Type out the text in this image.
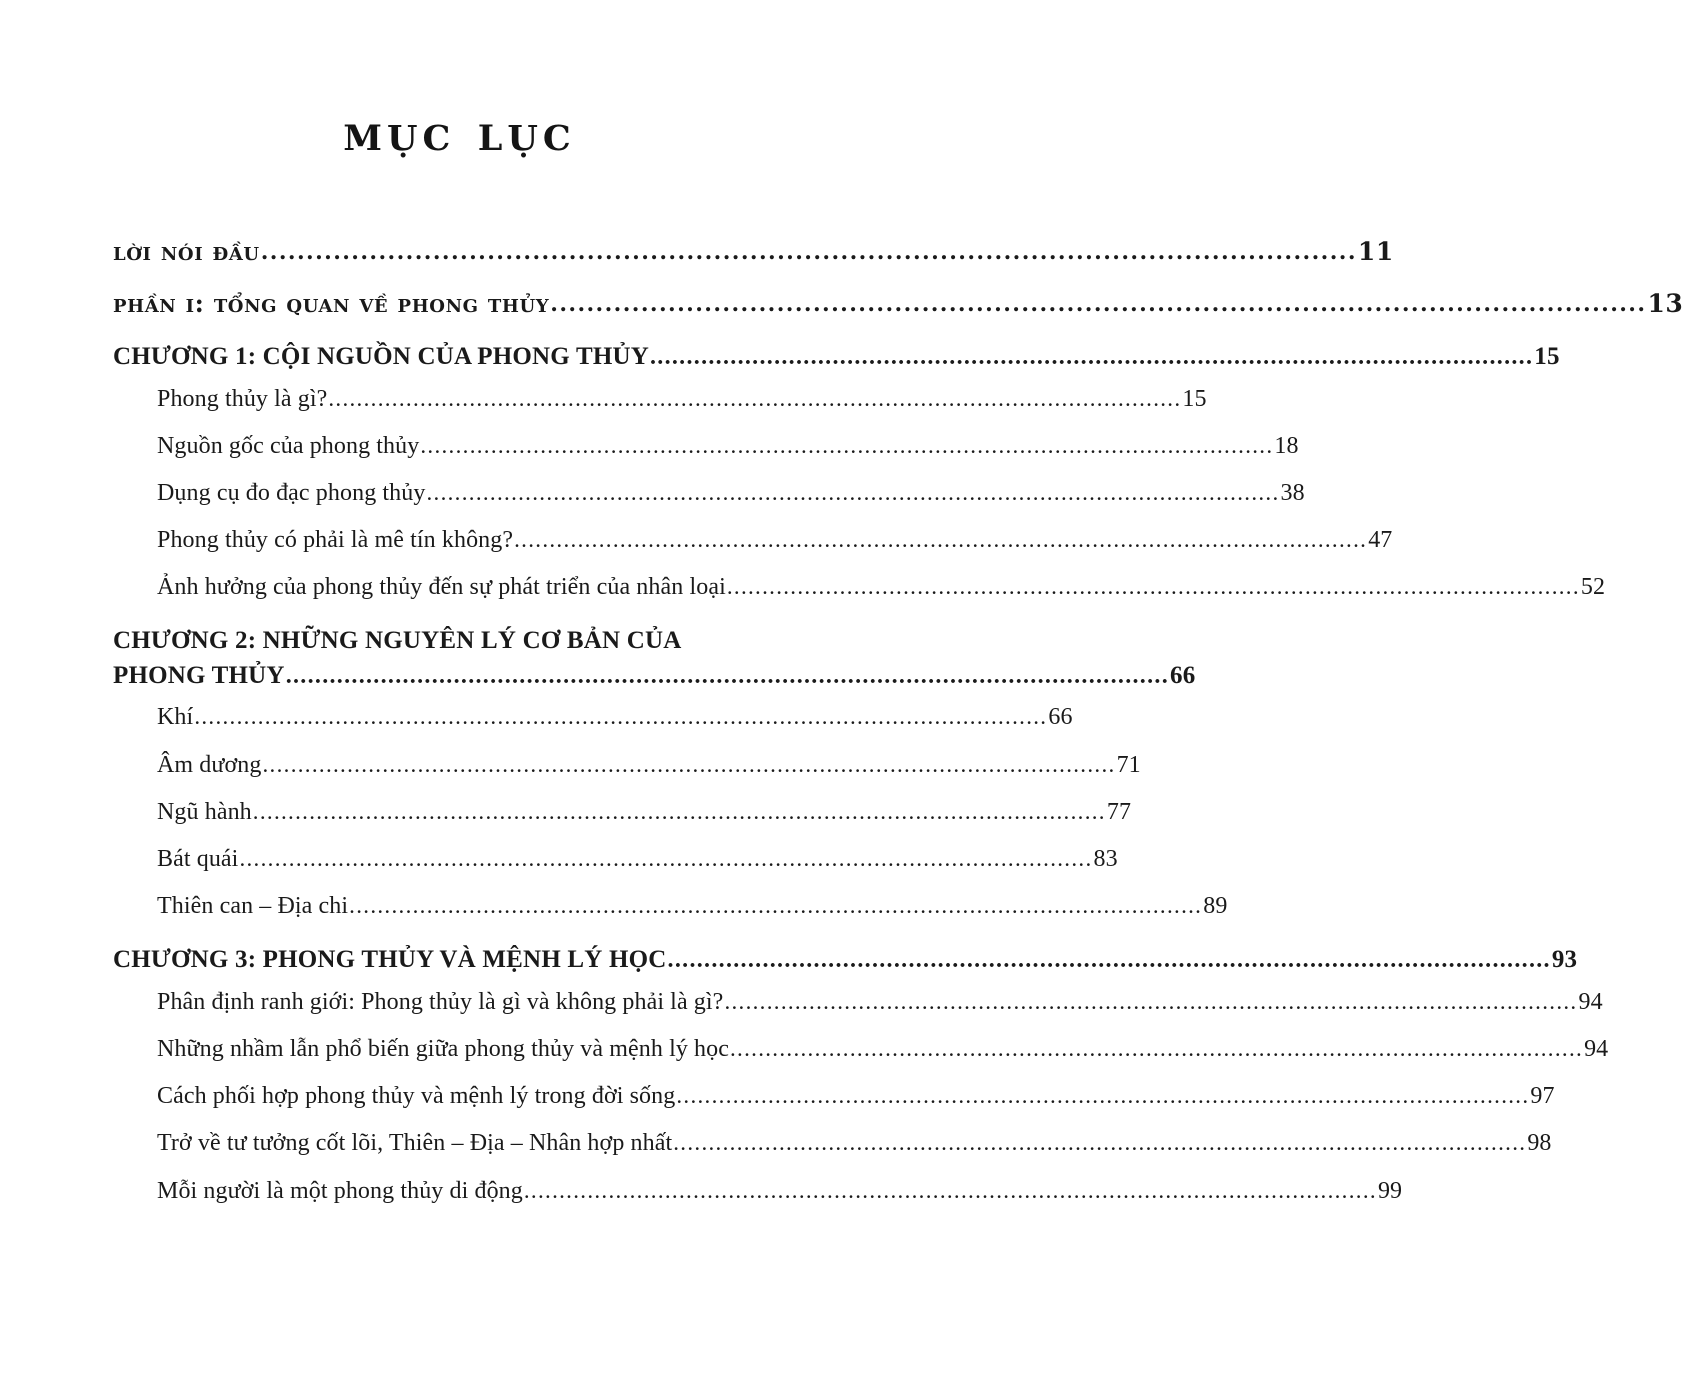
mục lục
lời nói đầu ......................................................................................................................... 11
phần i: tổng quan về phong thủy ......................................................................................................................... 13
CHƯƠNG 1: CỘI NGUỒN CỦA PHONG THỦY ......................................................................................................................... 15
Phong thủy là gì? ......................................................................................................................... 15
Nguồn gốc của phong thủy ......................................................................................................................... 18
Dụng cụ đo đạc phong thủy ......................................................................................................................... 38
Phong thủy có phải là mê tín không? ......................................................................................................................... 47
Ảnh hưởng của phong thủy đến sự phát triển của nhân loại ......................................................................................................................... 52
CHƯƠNG 2: NHỮNG NGUYÊN LÝ CƠ BẢN CỦA
PHONG THỦY ......................................................................................................................... 66
Khí ......................................................................................................................... 66
Âm dương ......................................................................................................................... 71
Ngũ hành ......................................................................................................................... 77
Bát quái ......................................................................................................................... 83
Thiên can – Địa chi ......................................................................................................................... 89
CHƯƠNG 3: PHONG THỦY VÀ MỆNH LÝ HỌC ......................................................................................................................... 93
Phân định ranh giới: Phong thủy là gì và không phải là gì? ......................................................................................................................... 94
Những nhầm lẫn phổ biến giữa phong thủy và mệnh lý học ......................................................................................................................... 94
Cách phối hợp phong thủy và mệnh lý trong đời sống ......................................................................................................................... 97
Trở về tư tưởng cốt lõi, Thiên – Địa – Nhân hợp nhất ......................................................................................................................... 98
Mỗi người là một phong thủy di động ......................................................................................................................... 99
